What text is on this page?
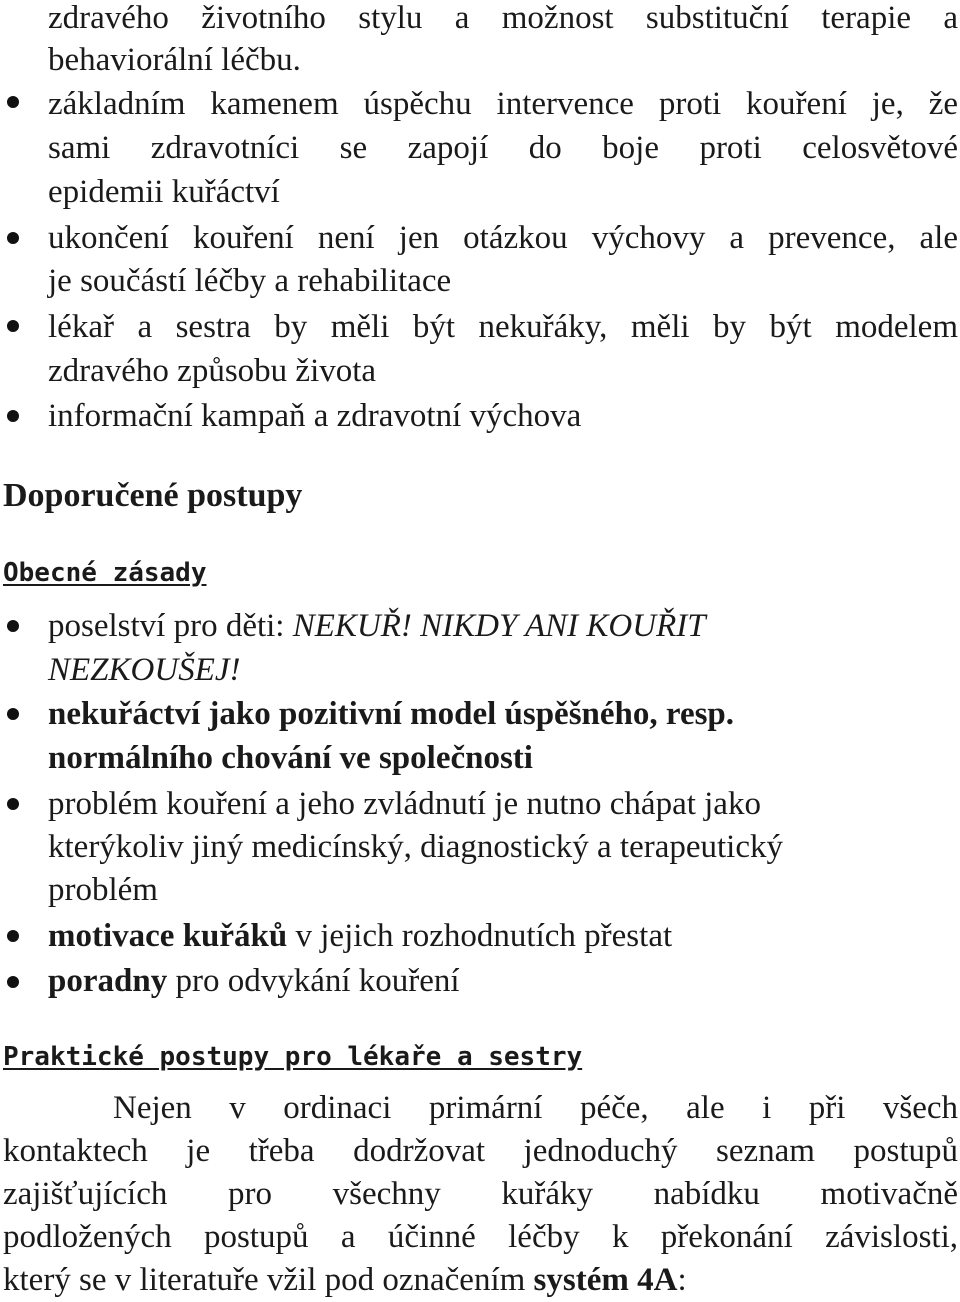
zdravého životního stylu a možnost substituční terapie a

behaviorální léčbu.

základním kamenem úspěchu intervence proti kouření je, že

sami zdravotníci se zapojí do boje proti celosvětové

epidemii kuřáctví

ukončení kouření není jen otázkou výchovy a prevence, ale

je součástí léčby a rehabilitace

lékař a sestra by měli být nekuřáky, měli by být modelem

zdravého způsobu života

informační kampaň a zdravotní výchova

Doporučené postupy
Obecné zásady

poselství pro děti: NEKUŘ! NIKDY ANI KOUŘIT

NEZKOUŠEJ!

nekuřáctví jako pozitivní model úspěšného, resp.

normálního chování ve společnosti

problém kouření a jeho zvládnutí je nutno chápat jako

kterýkoliv jiný medicínský, diagnostický a terapeutický

problém

motivace kuřáků v jejich rozhodnutích přestat

poradny pro odvykání kouření

Praktické postupy pro lékaře a sestry

Nejen v ordinaci primární péče, ale i při všech

kontaktech je třeba dodržovat jednoduchý seznam postupů

zajišťujících pro všechny kuřáky nabídku motivačně

podložených postupů a účinné léčby k překonání závislosti,

který se v literatuře vžil pod označením systém 4A:
